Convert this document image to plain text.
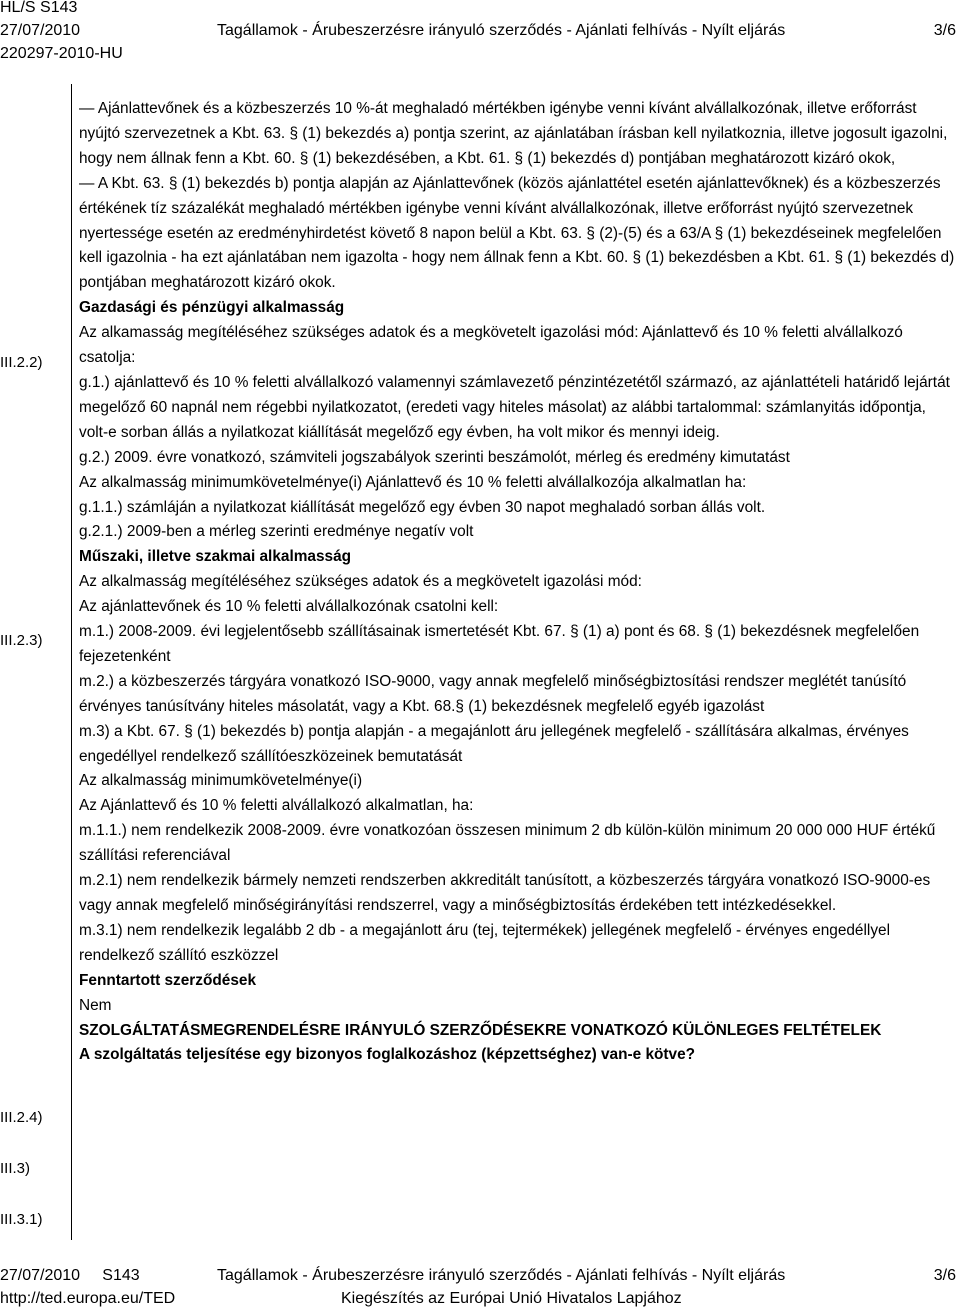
HL/S S143
27/07/2010
220297-2010-HU
Tagállamok - Árubeszerzésre irányuló szerződés - Ajánlati felhívás - Nyílt eljárás	3/6
III.2.2)
III.2.3)
III.2.4)
III.3)
III.3.1)

— Ajánlattevőnek és a közbeszerzés 10 %-át meghaladó mértékben igénybe venni kívánt alvállalkozónak, illetve erőforrást nyújtó szervezetnek a Kbt. 63. § (1) bekezdés a) pontja szerint, az ajánlatában írásban kell nyilatkoznia, illetve jogosult igazolni, hogy nem állnak fenn a Kbt. 60. § (1) bekezdésében, a Kbt. 61. § (1) bekezdés d) pontjában meghatározott kizáró okok,

— A Kbt. 63. § (1) bekezdés b) pontja alapján az Ajánlattevőnek (közös ajánlattétel esetén ajánlattevőknek) és a közbeszerzés értékének tíz százalékát meghaladó mértékben igénybe venni kívánt alvállalkozónak, illetve erőforrást nyújtó szervezetnek nyertessége esetén az eredményhirdetést követő 8 napon belül a Kbt. 63. § (2)-(5) és a 63/A § (1) bekezdéseinek megfelelően kell igazolnia - ha ezt ajánlatában nem igazolta - hogy nem állnak fenn a Kbt. 60. § (1) bekezdésben a Kbt. 61. § (1) bekezdés d) pontjában meghatározott kizáró okok.

Gazdasági és pénzügyi alkalmasság

Az alkamasság megítéléséhez szükséges adatok és a megkövetelt igazolási mód: Ajánlattevő és 10 % feletti alvállalkozó csatolja:

g.1.) ajánlattevő és 10 % feletti alvállalkozó valamennyi számlavezető pénzintézetétől származó, az ajánlattételi határidő lejártát megelőző 60 napnál nem régebbi nyilatkozatot, (eredeti vagy hiteles másolat) az alábbi tartalommal: számlanyitás időpontja, volt-e sorban állás a nyilatkozat kiállítását megelőző egy évben, ha volt mikor és mennyi ideig.

g.2.) 2009. évre vonatkozó, számviteli jogszabályok szerinti beszámolót, mérleg és eredmény kimutatást

Az alkalmasság minimumkövetelménye(i) Ajánlattevő és 10 % feletti alvállalkozója alkalmatlan ha:

g.1.1.) számláján a nyilatkozat kiállítását megelőző egy évben 30 napot meghaladó sorban állás volt.

g.2.1.) 2009-ben a mérleg szerinti eredménye negatív volt

Műszaki, illetve szakmai alkalmasság

Az alkalmasság megítéléséhez szükséges adatok és a megkövetelt igazolási mód:

Az ajánlattevőnek és 10 % feletti alvállalkozónak csatolni kell:

m.1.) 2008-2009. évi legjelentősebb szállításainak ismertetését Kbt. 67. § (1) a) pont és 68. § (1) bekezdésnek megfelelően fejezetenként

m.2.) a közbeszerzés tárgyára vonatkozó ISO-9000, vagy annak megfelelő minőségbiztosítási rendszer meglétét tanúsító érvényes tanúsítvány hiteles másolatát, vagy a Kbt. 68.§ (1) bekezdésnek megfelelő egyéb igazolást

m.3) a Kbt. 67. § (1) bekezdés b) pontja alapján - a megajánlott áru jellegének megfelelő - szállítására alkalmas, érvényes engedéllyel rendelkező szállítóeszközeinek bemutatását

Az alkalmasság minimumkövetelménye(i)

Az Ajánlattevő és 10 % feletti alvállalkozó alkalmatlan, ha:

m.1.1.) nem rendelkezik 2008-2009. évre vonatkozóan összesen minimum 2 db külön-külön minimum 20 000 000 HUF értékű szállítási referenciával

m.2.1) nem rendelkezik bármely nemzeti rendszerben akkreditált tanúsított, a közbeszerzés tárgyára vonatkozó ISO-9000-es vagy annak megfelelő minőségirányítási rendszerrel, vagy a minőségbiztosítás érdekében tett intézkedésekkel.

m.3.1) nem rendelkezik legalább 2 db - a megajánlott áru (tej, tejtermékek) jellegének megfelelő - érvényes engedéllyel rendelkező szállító eszközzel

Fenntartott szerződések

Nem

SZOLGÁLTATÁSMEGRENDELÉSRE IRÁNYULÓ SZERZŐDÉSEKRE VONATKOZÓ KÜLÖNLEGES FELTÉTELEK

A szolgáltatás teljesítése egy bizonyos foglalkozáshoz (képzettséghez) van-e kötve?

27/07/2010     S143	Tagállamok - Árubeszerzésre irányuló szerződés - Ajánlati felhívás - Nyílt eljárás	3/6
http://ted.europa.eu/TED	Kiegészítés az Európai Unió Hivatalos Lapjához
